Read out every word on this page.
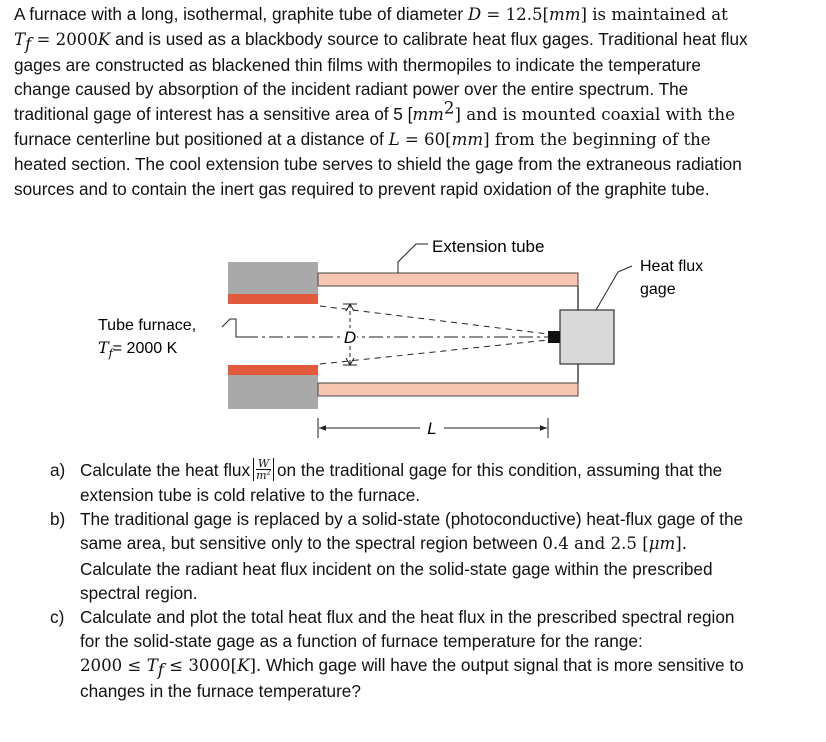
A furnace with a long, isothermal, graphite tube of diameter D = 12.5[mm] is maintained at
$T_f = 2000K$ and is used as a blackbody source to calibrate heat flux gages. Traditional heat flux
gages are constructed as blackened thin films with thermopiles to indicate the temperature
change caused by absorption of the incident radiant power over the entire spectrum. The
traditional gage of interest has a sensitive area of 5 $[mm^2]$ and is mounted coaxial with the
furnace centerline but positioned at a distance of L = 60[mm] from the beginning of the
heated section. The cool extension tube serves to shield the gage from the extraneous radiation
sources and to contain the inert gas required to prevent rapid oxidation of the graphite tube.

D
L
Extension tube
Heat flux
gage
Tube furnace,
$T_f= 2000$ K
a) Calculate the heat flux $\frac{W}{m^2}$ on the traditional gage for this condition, assuming that the
extension tube is cold relative to the furnace.
b) The traditional gage is replaced by a solid-state (photoconductive) heat-flux gage of the
same area, but sensitive only to the spectral region between 0.4 and 2.5 [μm].
Calculate the radiant heat flux incident on the solid-state gage within the prescribed
spectral region.
c) Calculate and plot the total heat flux and the heat flux in the prescribed spectral region
for the solid-state gage as a function of furnace temperature for the range:
$2000 \le T_f \le 3000[K]$. Which gage will have the output signal that is more sensitive to
changes in the furnace temperature?
